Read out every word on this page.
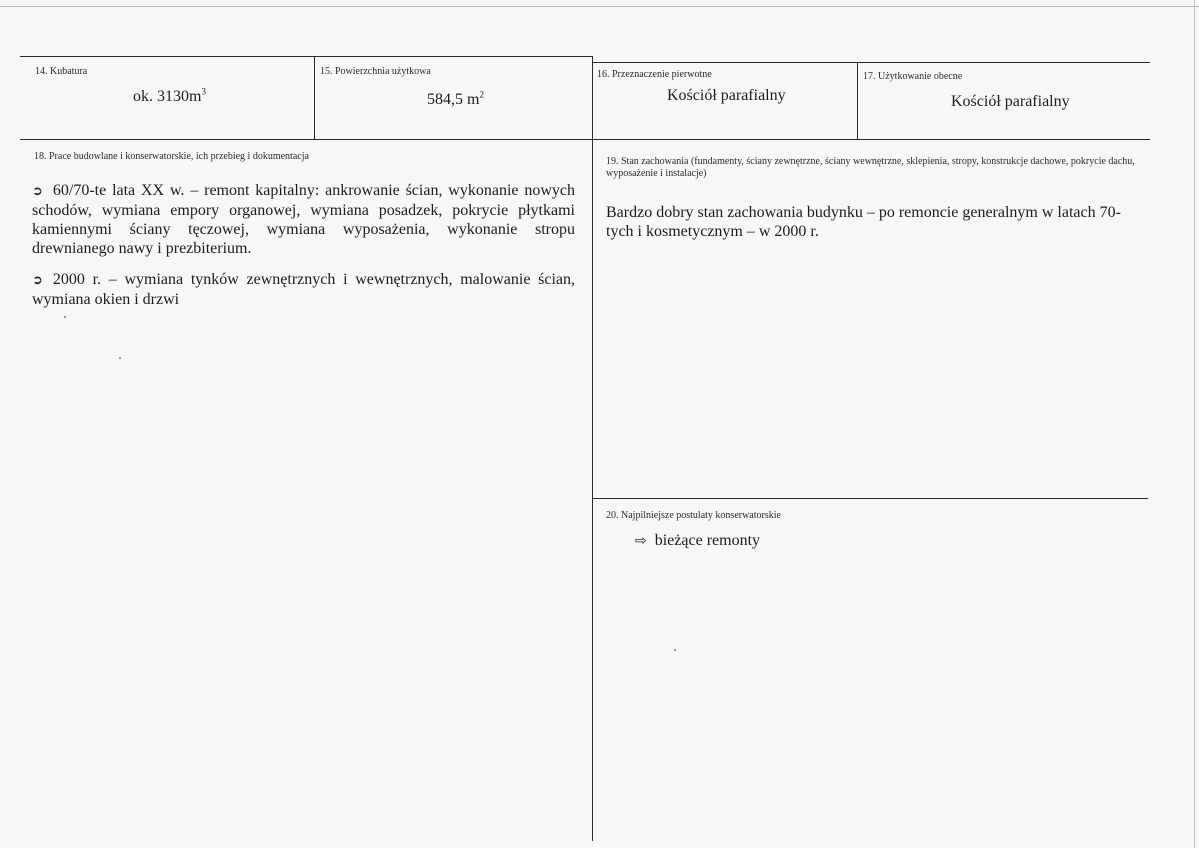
14. Kubatura
ok. $3130m^3$
15. Powierzchnia użytkowa
584,5 $m^2$
16. Przeznaczenie pierwotne
Kościół parafialny
17. Użytkowanie obecne
Kościół parafialny
18. Prace budowlane i konserwatorskie, ich przebieg i dokumentacja
➲ 60/70-te lata XX w. – remont kapitalny: ankrowanie ścian, wykonanie nowych schodów, wymiana empory organowej, wymiana posadzek, pokrycie płytkami kamiennymi ściany tęczowej, wymiana wyposażenia, wykonanie stropu drewnianego nawy i prezbiterium.
➲ 2000 r. – wymiana tynków zewnętrznych i wewnętrznych, malowanie ścian, wymiana okien i drzwi
19. Stan zachowania (fundamenty, ściany zewnętrzne, ściany wewnętrzne, sklepienia, stropy, konstrukcje dachowe, pokrycie dachu, wyposażenie i instalacje)
Bardzo dobry stan zachowania budynku – po remoncie generalnym w latach 70-tych i kosmetycznym – w 2000 r.
20. Najpilniejsze postulaty konserwatorskie
⇨ bieżące remonty
